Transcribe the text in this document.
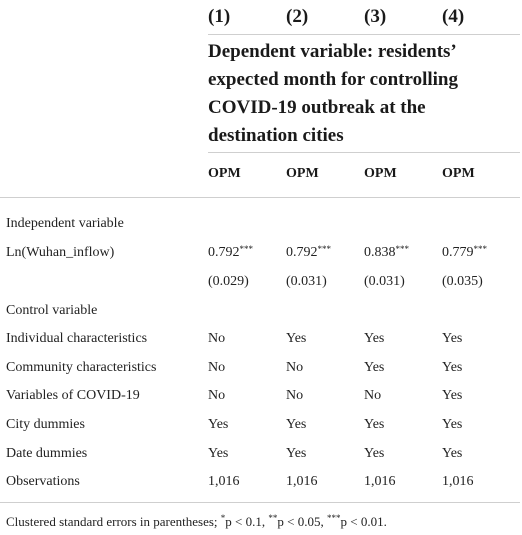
(1)	(2)	(3)	(4)
Dependent variable: residents’
expected month for controlling
COVID-19 outbreak at the
destination cities
OPM	OPM	OPM	OPM
Independent variable
Ln(Wuhan_inflow)	0.792*** 0.792*** 0.838*** 0.779***
(0.029)	(0.031)	(0.031)	(0.035)
Control variable
Individual characteristics	No	Yes	Yes	Yes
Community characteristics	No	No	Yes	Yes
Variables of COVID-19	No	No	No	Yes
City dummies	Yes	Yes	Yes	Yes
Date dummies	Yes	Yes	Yes	Yes
Observations	1,016	1,016	1,016	1,016
Clustered standard errors in parentheses; *p < 0.1, **p < 0.05, ***p < 0.01.
